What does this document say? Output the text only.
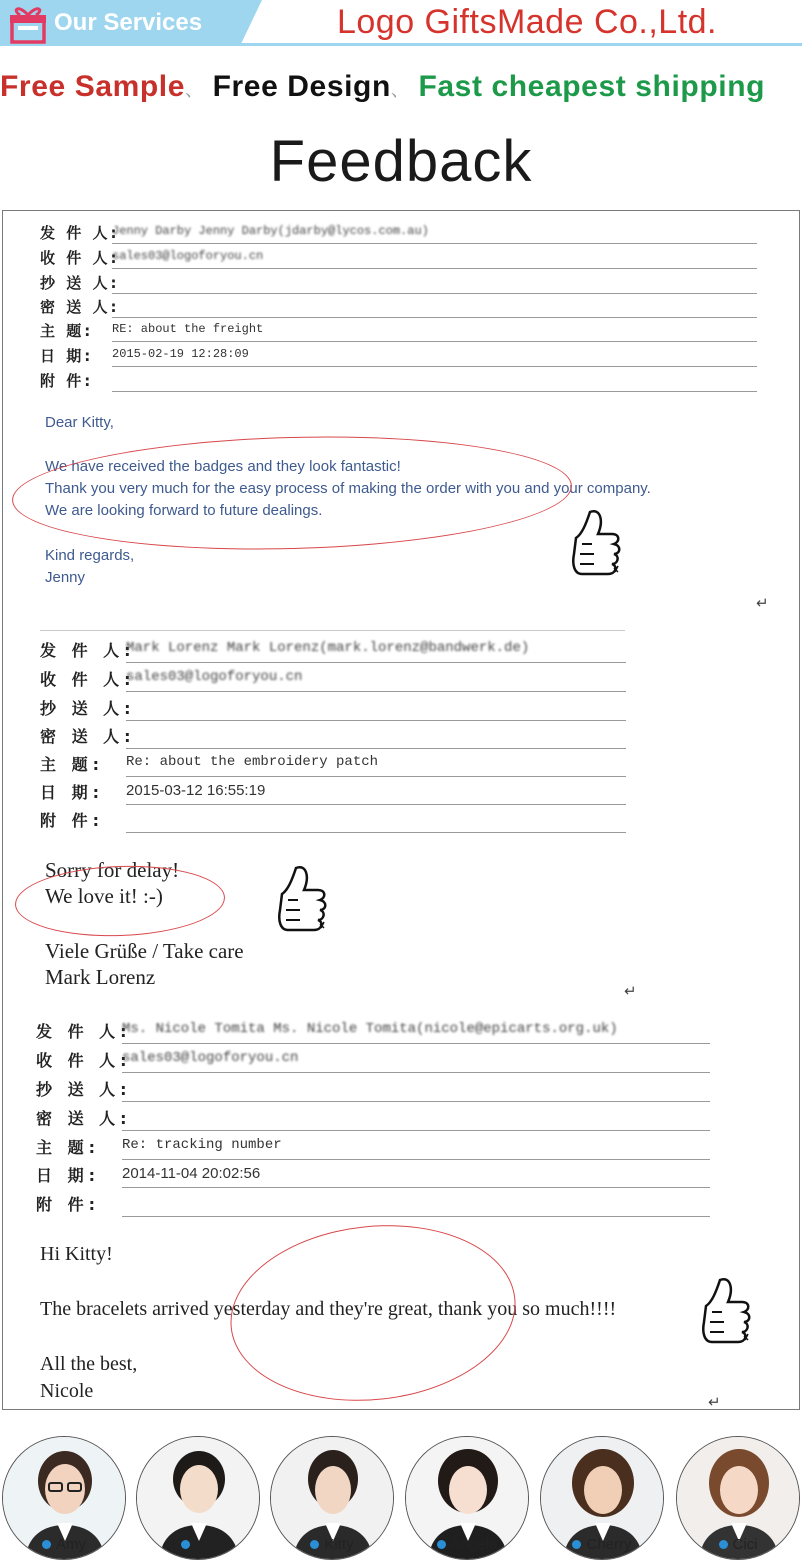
Our Services	Logo GiftsMade Co.,Ltd.
Free Sample、 Free Design、 Fast cheapest shipping
Feedback
发 件 人:
Jenny Darby Jenny Darby(jdarby@lycos.com.au)
收 件 人:
sales03@logoforyou.cn
抄 送 人:
密 送 人:
主 题: RE: about the freight
日 期: 2015-02-19 12:28:09
附 件:
Dear Kitty,
We have received the badges and they look fantastic!
Thank you very much for the easy process of making the order with you and your company.
We are looking forward to future dealings.
Kind regards,
Jenny
↵
发 件 人:
Mark Lorenz Mark Lorenz(mark.lorenz@bandwerk.de)
收 件 人:
sales03@logoforyou.cn
抄 送 人:
密 送 人:
主 题: Re: about the embroidery patch
日 期: 2015-03-12 16:55:19
附 件:
Sorry for delay!
We love it! :-)
Viele Grüße / Take care
Mark Lorenz
↵
发 件 人:
Ms. Nicole Tomita Ms. Nicole Tomita(nicole@epicarts.org.uk)
收 件 人:
sales03@logoforyou.cn
抄 送 人:
密 送 人:
主 题: Re: tracking number
日 期: 2014-11-04 20:02:56
附 件:
Hi Kitty!
The bracelets arrived yesterday and they're great, thank you so much!!!!
All the best,
Nicole
↵
Amy	Liz	Kitty	Angela	Cherry	Cici
